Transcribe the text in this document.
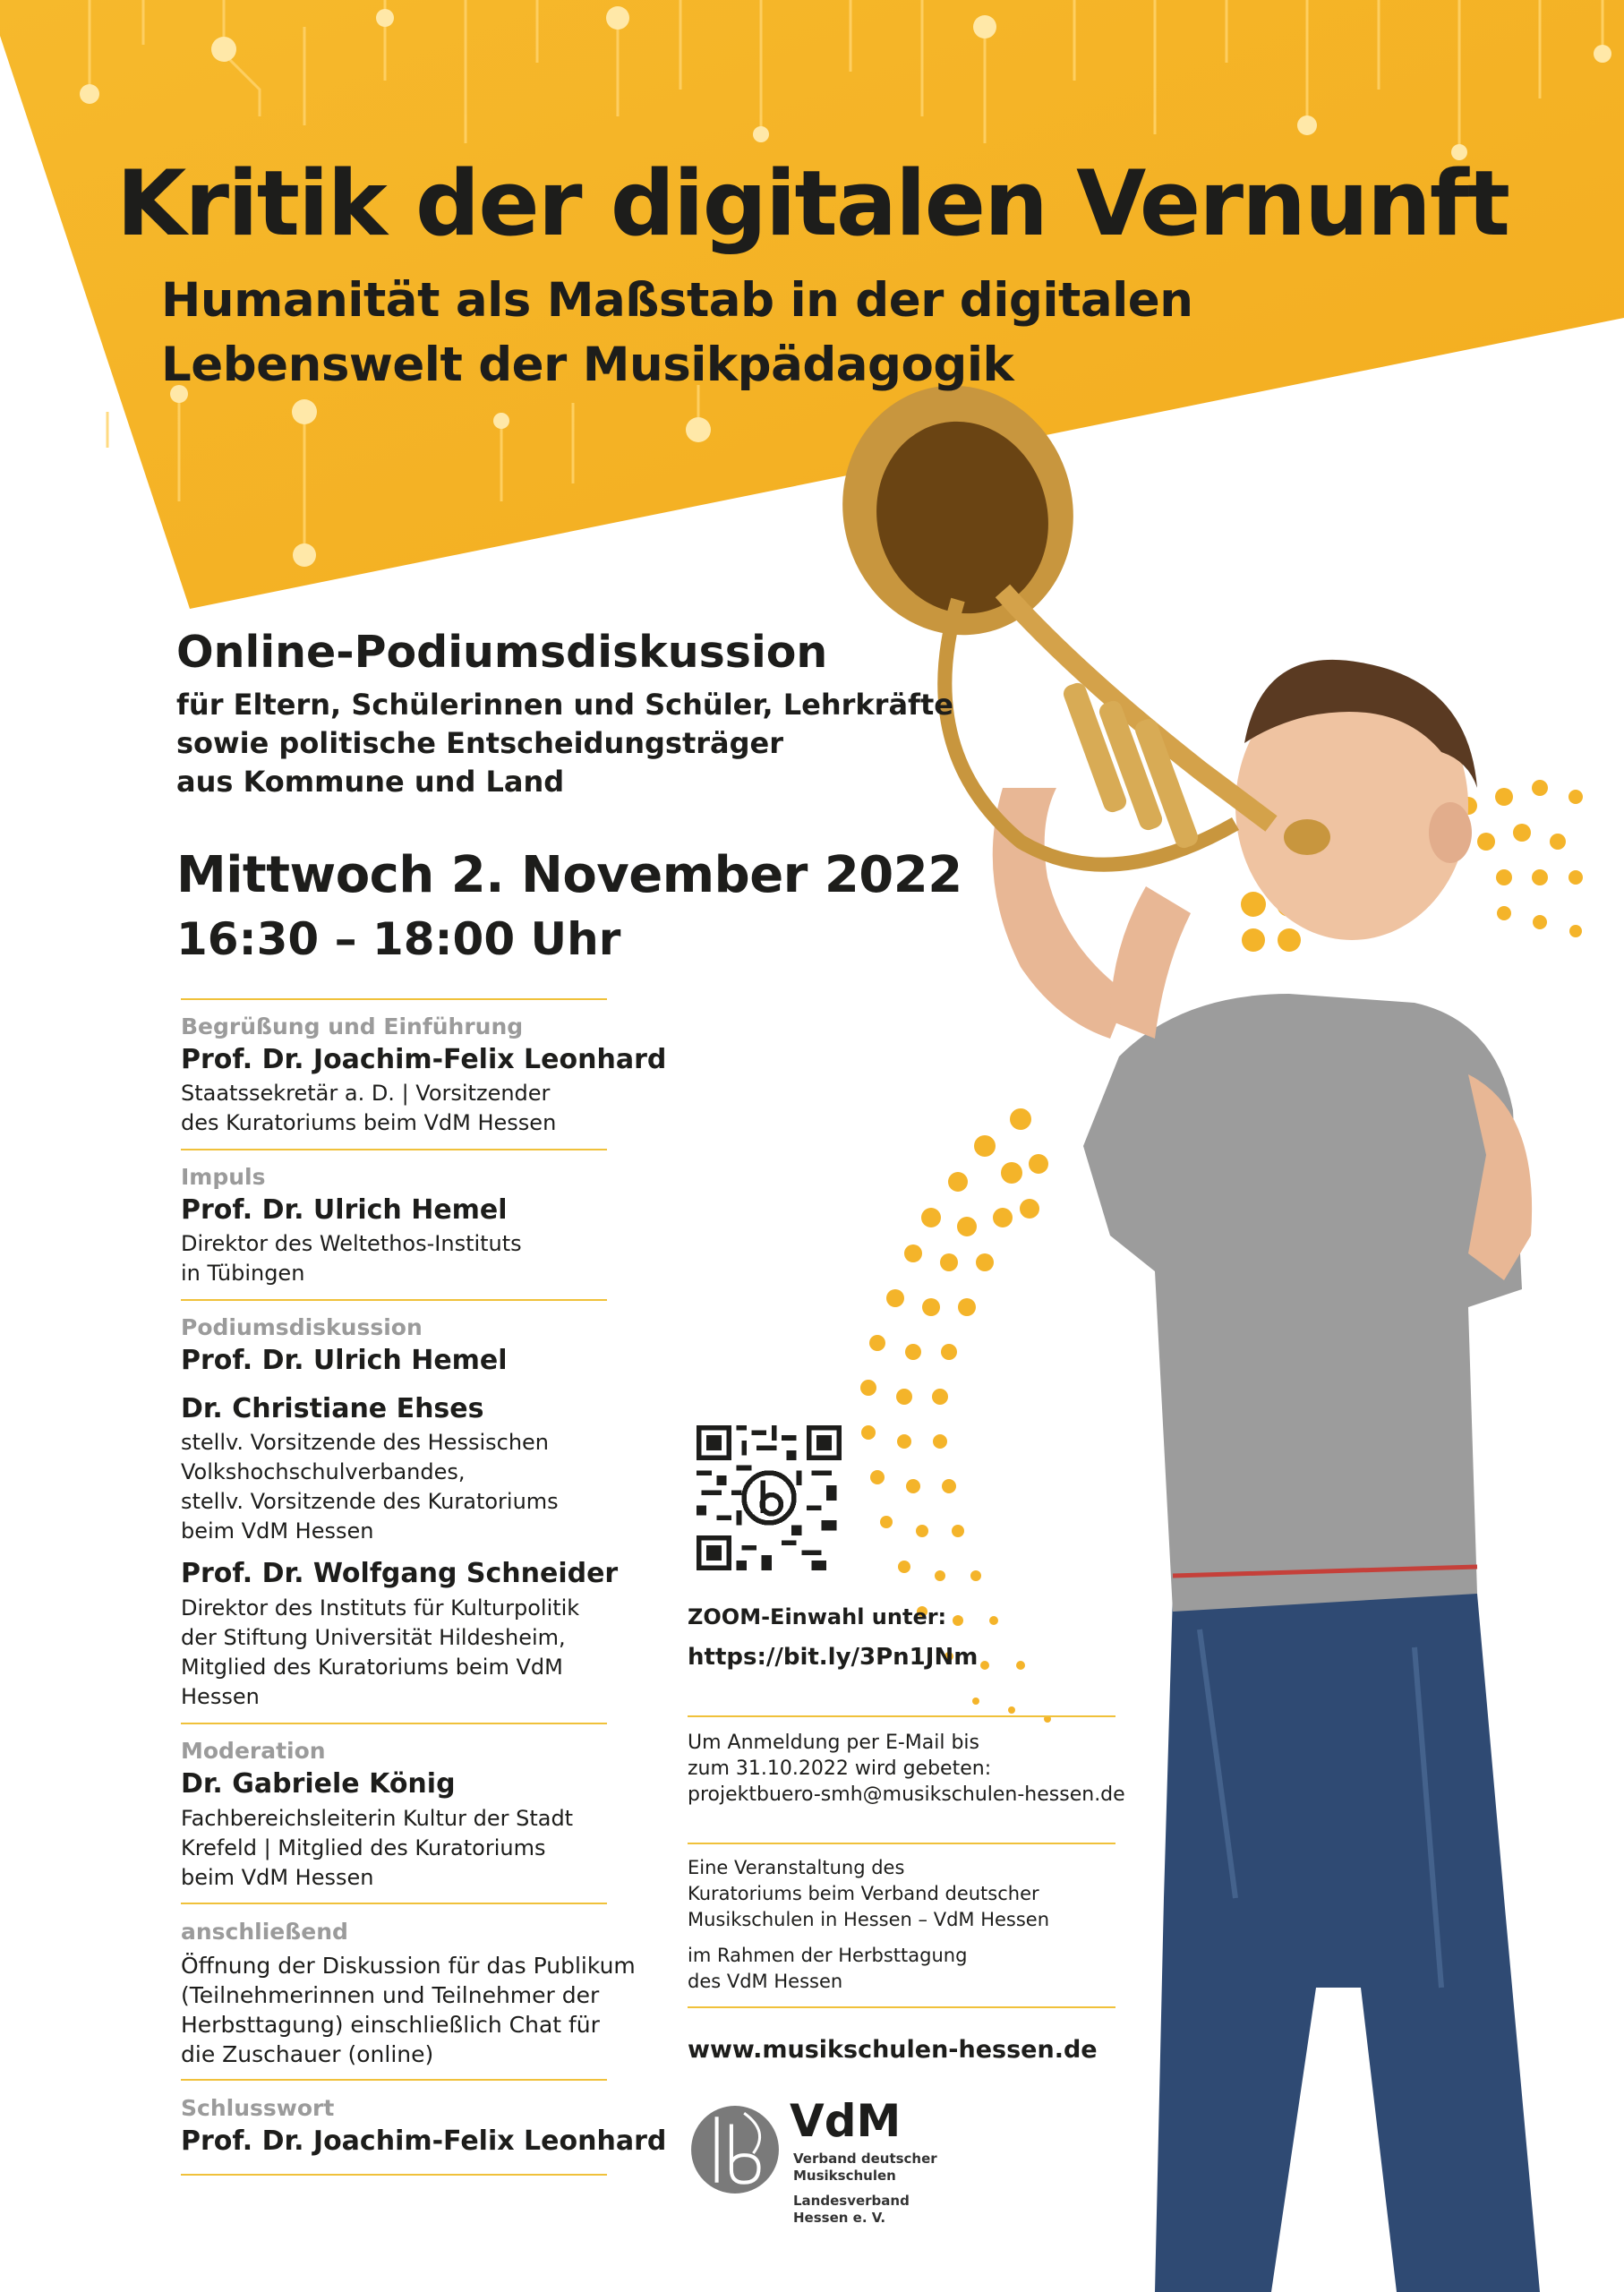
Kritik der digitalen Vernunft
Humanität als Maßstab in der digitalen
Lebenswelt der Musikpädagogik
Online-Podiumsdiskussion
für Eltern, Schülerinnen und Schüler, Lehrkräfte
sowie politische Entscheidungsträger
aus Kommune und Land
Mittwoch 2. November 2022
16:30 – 18:00 Uhr
Begrüßung und Einführung
Prof. Dr. Joachim-Felix Leonhard
Staatssekretär a. D. | Vorsitzender
des Kuratoriums beim VdM Hessen
Impuls
Prof. Dr. Ulrich Hemel
Direktor des Weltethos-Instituts
in Tübingen
Podiumsdiskussion
Prof. Dr. Ulrich Hemel
Dr. Christiane Ehses
stellv. Vorsitzende des Hessischen
Volkshochschulverbandes,
stellv. Vorsitzende des Kuratoriums
beim VdM Hessen
Prof. Dr. Wolfgang Schneider
Direktor des Instituts für Kulturpolitik
der Stiftung Universität Hildesheim,
Mitglied des Kuratoriums beim VdM
Hessen
Moderation
Dr. Gabriele König
Fachbereichsleiterin Kultur der Stadt
Krefeld | Mitglied des Kuratoriums
beim VdM Hessen
anschließend
Öffnung der Diskussion für das Publikum
(Teilnehmerinnen und Teilnehmer der
Herbsttagung) einschließlich Chat für
die Zuschauer (online)
Schlusswort
Prof. Dr. Joachim-Felix Leonhard
ZOOM-Einwahl unter:
https://bit.ly/3Pn1JNm
Um Anmeldung per E-Mail bis
zum 31.10.2022 wird gebeten:
projektbuero-smh@musikschulen-hessen.de
Eine Veranstaltung des
Kuratoriums beim Verband deutscher
Musikschulen in Hessen – VdM Hessen
im Rahmen der Herbsttagung
des VdM Hessen
www.musikschulen-hessen.de
VdM
Verband deutscher
Musikschulen
Landesverband
Hessen e. V.
